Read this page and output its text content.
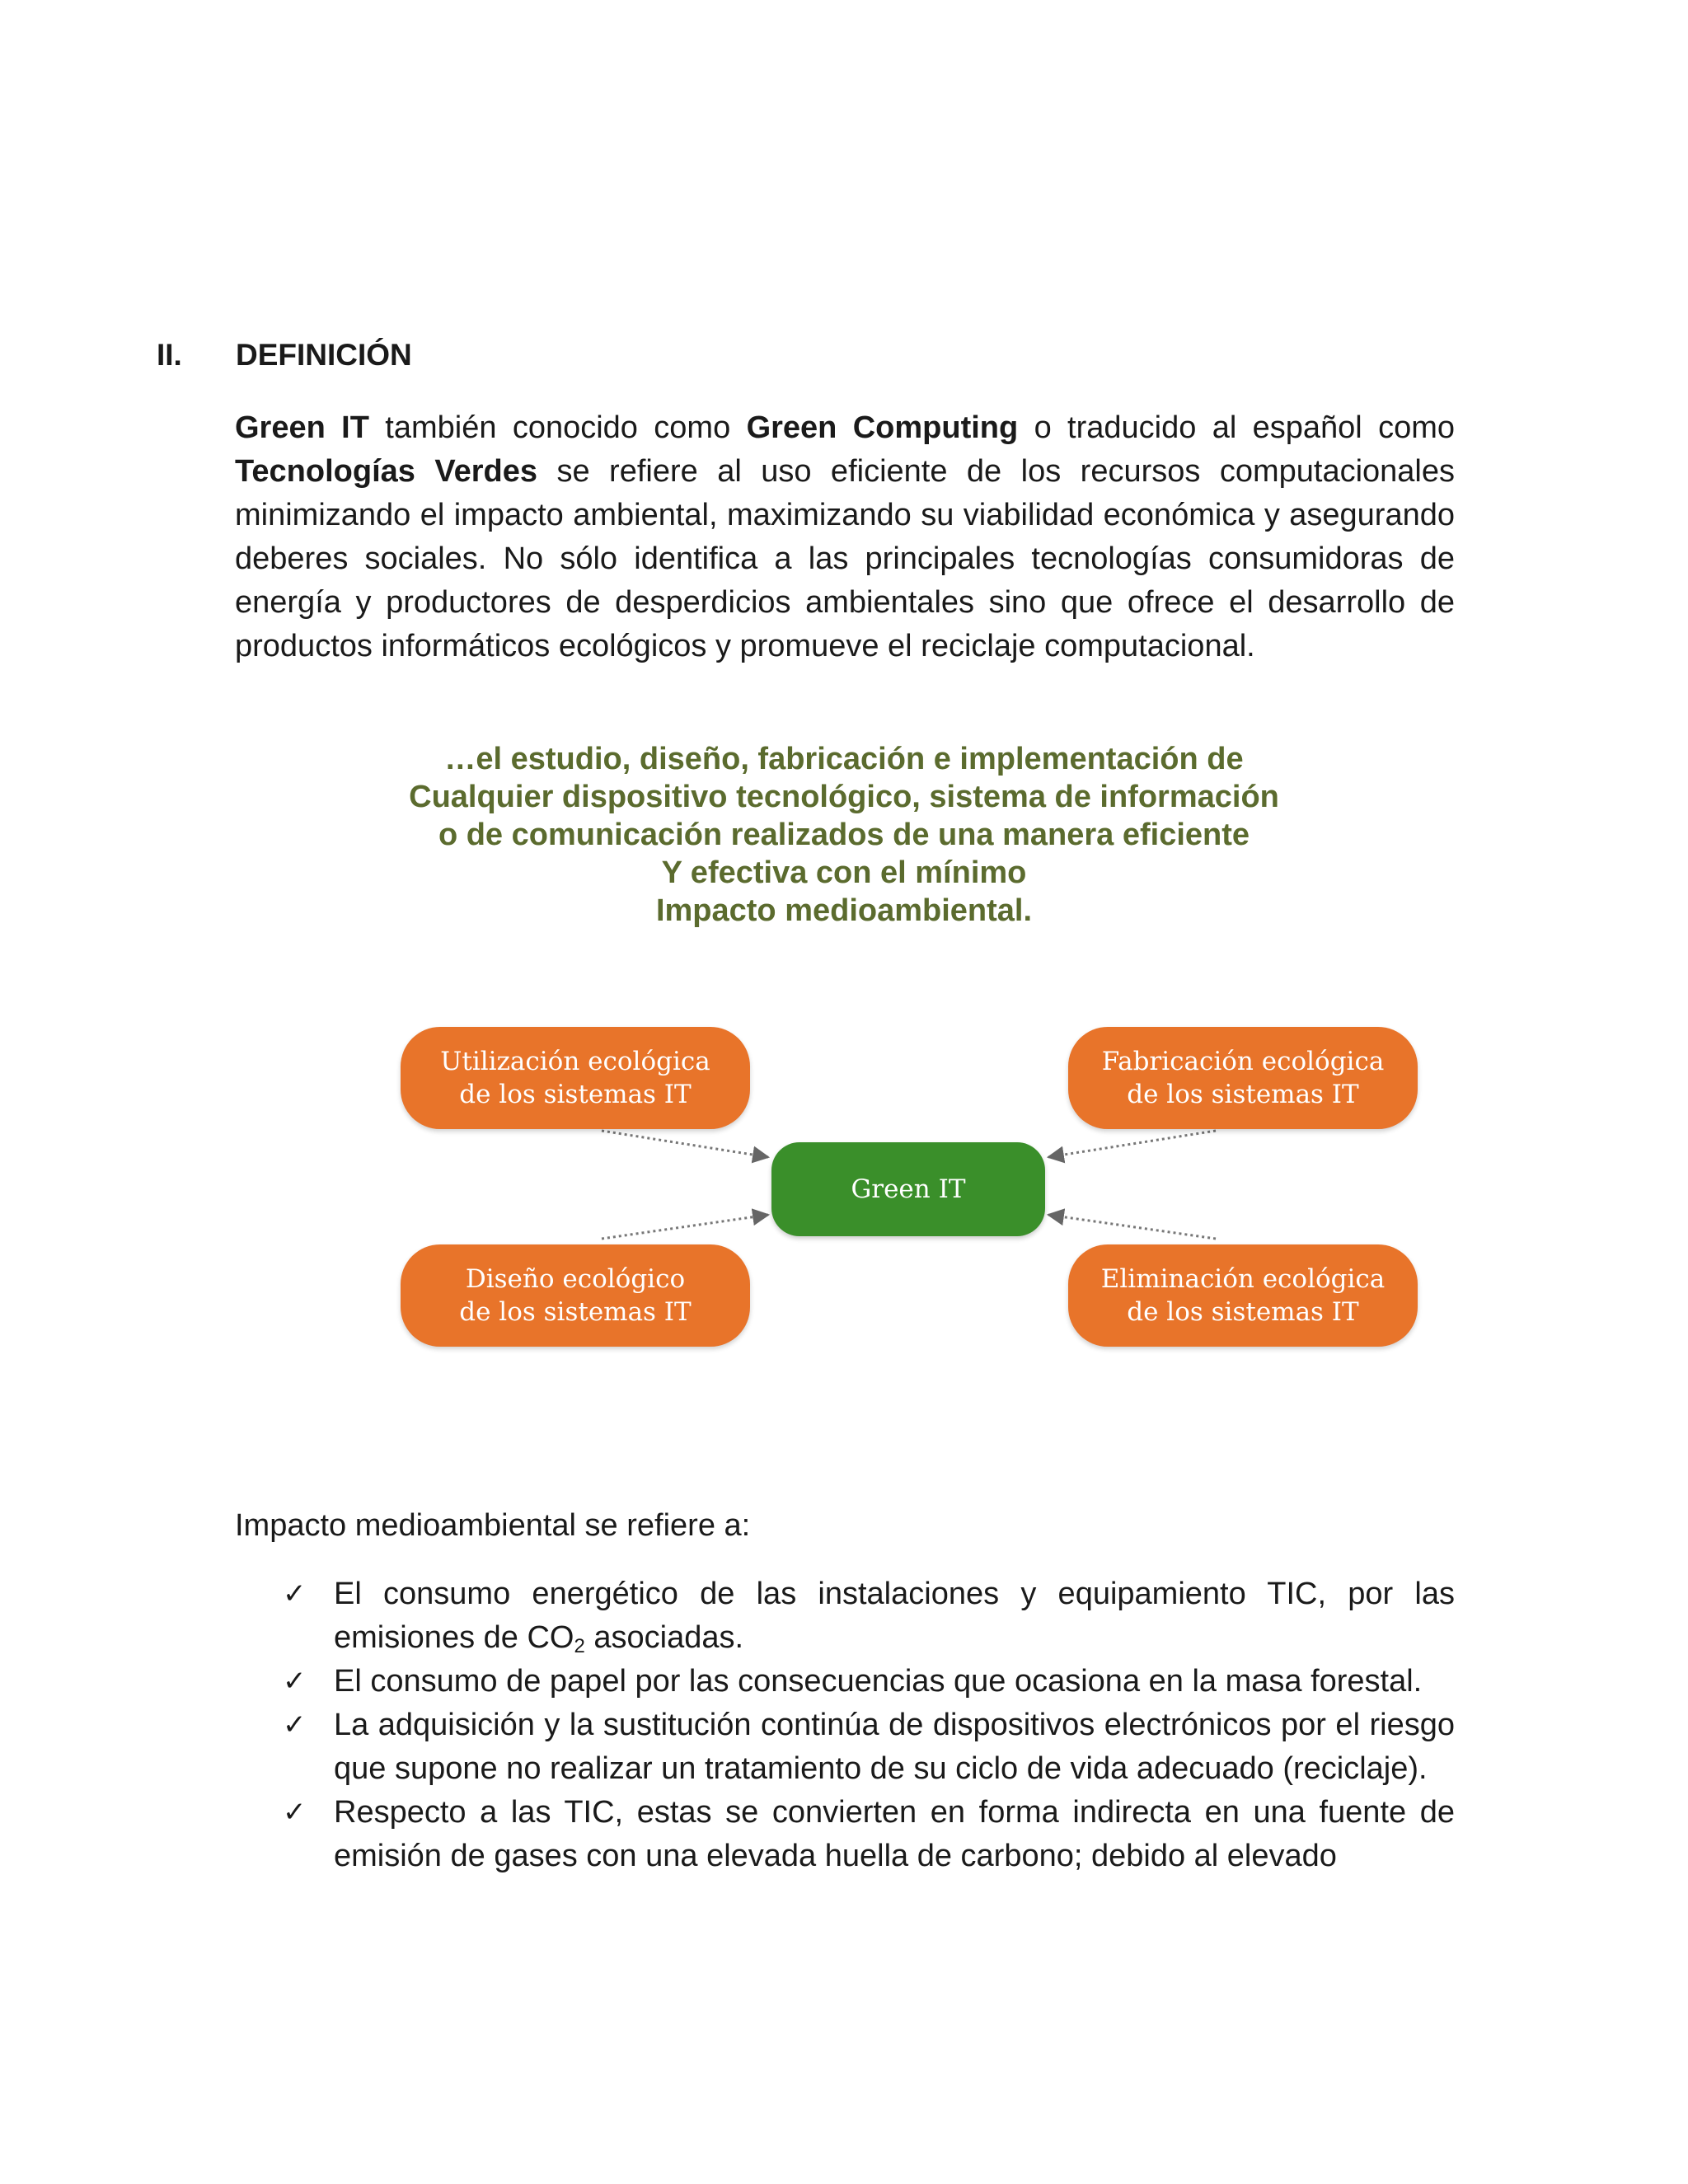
II. DEFINICIÓN

Green IT también conocido como Green Computing o traducido al español como Tecnologías Verdes se refiere al uso eficiente de los recursos computacionales minimizando el impacto ambiental, maximizando su viabilidad económica y asegurando deberes sociales. No sólo identifica a las principales tecnologías consumidoras de energía y productores de desperdicios ambientales sino que ofrece el desarrollo de productos informáticos ecológicos y promueve el reciclaje computacional.

…el estudio, diseño, fabricación e implementación de
Cualquier dispositivo tecnológico, sistema de información
o de comunicación realizados de una manera eficiente
Y efectiva con el mínimo
Impacto medioambiental.
Utilización ecológica
de los sistemas IT
Fabricación ecológica
de los sistemas IT
Green IT
Diseño ecológico
de los sistemas IT
Eliminación ecológica
de los sistemas IT
Impacto medioambiental se refiere a:
✓ El consumo energético de las instalaciones y equipamiento TIC, por las emisiones de $CO_2$ asociadas.
✓ El consumo de papel por las consecuencias que ocasiona en la masa forestal.
✓ La adquisición y la sustitución continúa de dispositivos electrónicos por el riesgo que supone no realizar un tratamiento de su ciclo de vida adecuado (reciclaje).
✓ Respecto a las TIC, estas se convierten en forma indirecta en una fuente de emisión de gases con una elevada huella de carbono; debido al elevado
